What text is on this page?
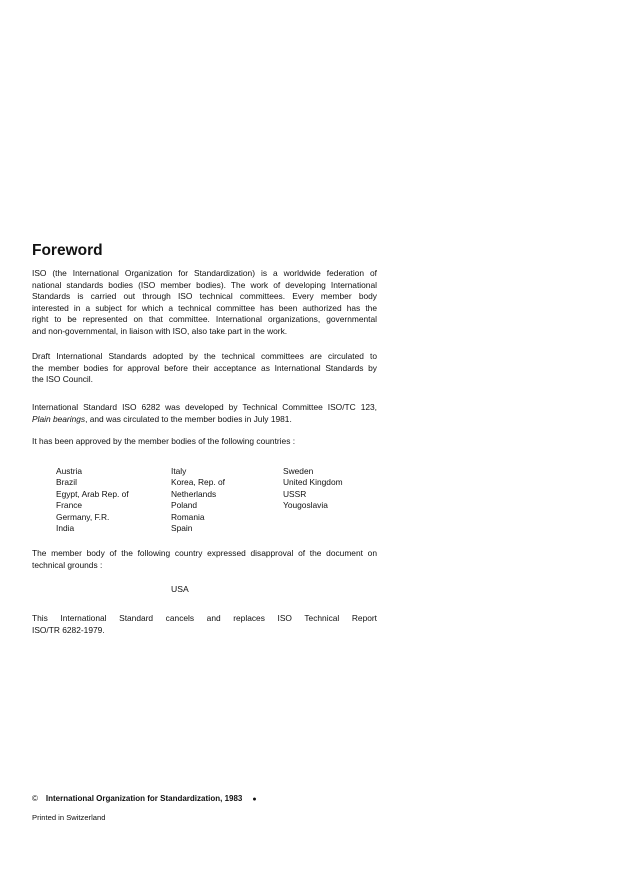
Foreword
ISO (the International Organization for Standardization) is a worldwide federation of
national standards bodies (ISO member bodies). The work of developing International
Standards is carried out through ISO technical committees. Every member body
interested in a subject for which a technical committee has been authorized has the
right to be represented on that committee. International organizations, governmental
and non-governmental, in liaison with ISO, also take part in the work.
Draft International Standards adopted by the technical committees are circulated to
the member bodies for approval before their acceptance as International Standards by
the ISO Council.
International Standard ISO 6282 was developed by Technical Committee ISO/TC 123,
Plain bearings, and was circulated to the member bodies in July 1981.
It has been approved by the member bodies of the following countries :
Austria
Brazil
Egypt, Arab Rep. of
France
Germany, F.R.
India
Italy
Korea, Rep. of
Netherlands
Poland
Romania
Spain
Sweden
United Kingdom
USSR
Yougoslavia
The member body of the following country expressed disapproval of the document on
technical grounds :
USA
This International Standard cancels and replaces ISO Technical Report
ISO/TR 6282-1979.
© International Organization for Standardization, 1983 ●
Printed in Switzerland
